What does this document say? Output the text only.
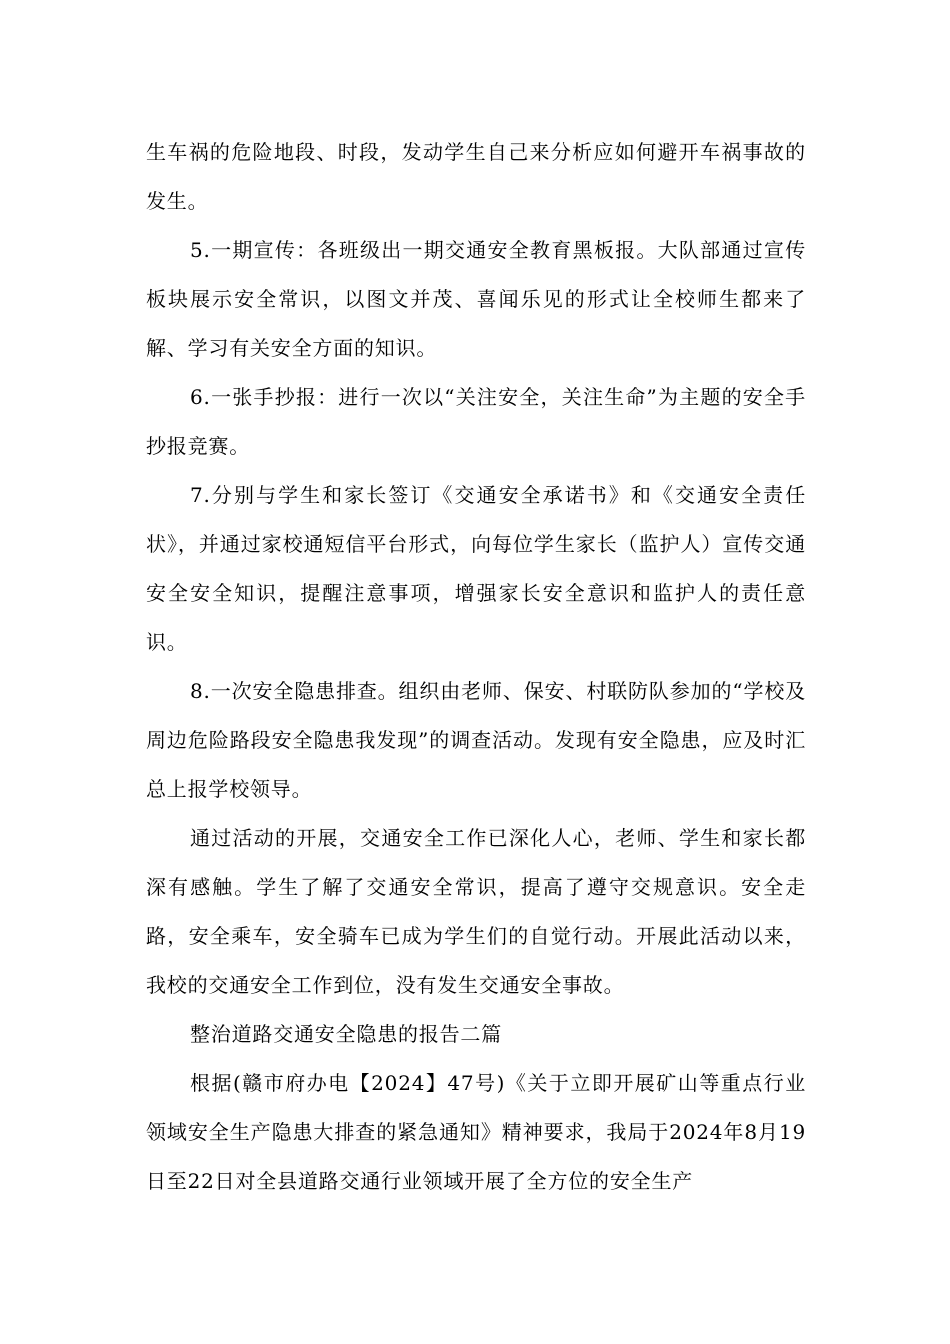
生车祸的危险地段、时段，发动学生自己来分析应如何避开车祸事故的发生。

5.一期宣传：各班级出一期交通安全教育黑板报。大队部通过宣传板块展示安全常识，以图文并茂、喜闻乐见的形式让全校师生都来了解、学习有关安全方面的知识。

6.一张手抄报：进行一次以“关注安全，关注生命”为主题的安全手抄报竞赛。

7.分别与学生和家长签订《交通安全承诺书》和《交通安全责任状》，并通过家校通短信平台形式，向每位学生家长（监护人）宣传交通安全安全知识，提醒注意事项，增强家长安全意识和监护人的责任意识。

8.一次安全隐患排查。组织由老师、保安、村联防队参加的“学校及周边危险路段安全隐患我发现”的调查活动。发现有安全隐患，应及时汇总上报学校领导。

通过活动的开展，交通安全工作已深化人心，老师、学生和家长都深有感触。学生了解了交通安全常识，提高了遵守交规意识。安全走路，安全乘车，安全骑车已成为学生们的自觉行动。开展此活动以来，我校的交通安全工作到位，没有发生交通安全事故。

整治道路交通安全隐患的报告二篇

根据(赣市府办电【2024】47号)《关于立即开展矿山等重点行业领域安全生产隐患大排查的紧急通知》精神要求，我局于2024年8月19日至22日对全县道路交通行业领域开展了全方位的安全生产
